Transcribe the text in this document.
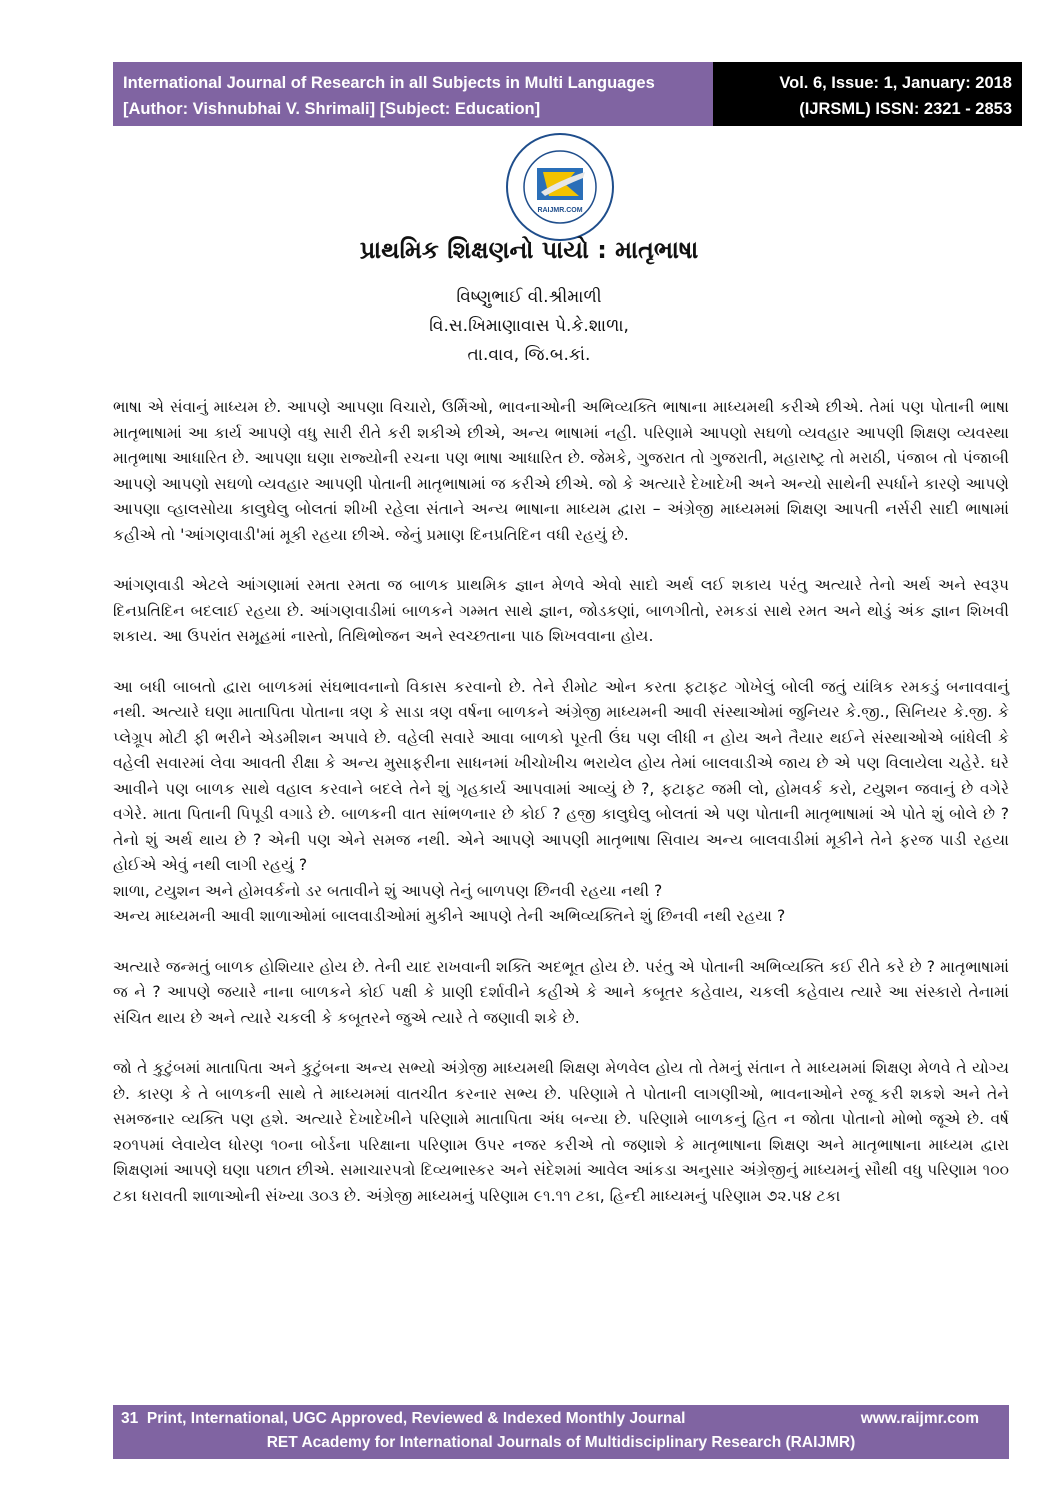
International Journal of Research in all Subjects in Multi Languages
[Author: Vishnubhai V. Shrimali] [Subject: Education]
Vol. 6, Issue: 1, January: 2018
(IJRSML) ISSN: 2321 - 2853
RAIJMR.COM
પ્રાથમિક શિક્ષણનો પાયો : માતૃભાષા
વિષ્ણુભાઈ વી.શ્રીમાળી
વિ.સ.ખિમાણાવાસ પે.કે.શાળા,
તા.વાવ, જિ.બ.કાં.

ભાષા એ સંવાનું માધ્યમ છે. આપણે આપણા વિચારો, ઉર્મિઓ, ભાવનાઓની અભિવ્યક્તિ ભાષાના માધ્યમથી કરીએ છીએ. તેમાં પણ પોતાની ભાષા માતૃભાષામાં આ કાર્ય આપણે વધુ સારી રીતે કરી શકીએ છીએ, અન્ય ભાષામાં નહી. પરિણામે આપણો સઘળો વ્યવહાર આપણી શિક્ષણ વ્યવસ્થા માતૃભાષા આધારિત છે. આપણા ઘણા રાજ્યોની રચના પણ ભાષા આધારિત છે. જેમકે, ગુજરાત તો ગુજરાતી, મહારાષ્ટ્ર તો મરાઠી, પંજાબ તો પંજાબી આપણે આપણો સઘળો વ્યવહાર આપણી પોતાની માતૃભાષામાં જ કરીએ છીએ. જો કે અત્યારે દેખાદેખી અને અન્યો સાથેની સ્પર્ધાને કારણે આપણે આપણા વ્હાલસોયા કાલુઘેલુ બોલતાં શીખી રહેલા સંતાને અન્ય ભાષાના માધ્યમ દ્વારા – અંગ્રેજી માધ્યમમાં શિક્ષણ આપતી નર્સરી સાદી ભાષામાં કહીએ તો 'આંગણવાડી'માં મૂકી રહયા છીએ. જેનું પ્રમાણ દિનપ્રતિદિન વધી રહયું છે.

આંગણવાડી એટલે આંગણામાં રમતા રમતા જ બાળક પ્રાથમિક જ્ઞાન મેળવે એવો સાદો અર્થ લઈ શકાય પરંતુ અત્યારે તેનો અર્થ અને સ્વરૂપ દિનપ્રતિદિન બદલાઈ રહયા છે. આંગણવાડીમાં બાળકને ગમ્મત સાથે જ્ઞાન, જોડકણાં, બાળગીતો, રમકડાં સાથે રમત અને થોડું અંક જ્ઞાન શિખવી શકાય. આ ઉપરાંત સમૂહમાં નાસ્તો, તિથિભોજન અને સ્વચ્છતાના પાઠ શિખવવાના હોય.

આ બધી બાબતો દ્વારા બાળકમાં સંઘભાવનાનો વિકાસ કરવાનો છે. તેને રીમોટ ઓન કરતા ફટાફટ ગોખેલું બોલી જતું યાંત્રિક રમકડું બનાવવાનું નથી. અત્યારે ઘણા માતાપિતા પોતાના ત્રણ કે સાડા ત્રણ વર્ષના બાળકને અંગ્રેજી માધ્યમની આવી સંસ્થાઓમાં જુનિયર કે.જી., સિનિયર કે.જી. કે પ્લેગ્રૂપ મોટી ફી ભરીને એડમીશન અપાવે છે. વહેલી સવારે આવા બાળકો પૂરતી ઉંઘ પણ લીધી ન હોય અને તૈયાર થઈને સંસ્થાઓએ બાંધેલી કે વહેલી સવારમાં લેવા આવતી રીક્ષા કે અન્ય મુસાફરીના સાધનમાં ખીચોખીચ ભરાયેલ હોય તેમાં બાલવાડીએ જાય છે એ પણ વિલાયેલા ચહેરે. ઘરે આવીને પણ બાળક સાથે વહાલ કરવાને બદલે તેને શું ગૃહકાર્ય આપવામાં આવ્યું છે ?, ફટાફટ જમી લો, હોમવર્ક કરો, ટયુશન જવાનું છે વગેરે વગેરે. માતા પિતાની પિપૂડી વગાડે છે. બાળકની વાત સાંભળનાર છે કોઈ ? હજી કાલુઘેલુ બોલતાં એ પણ પોતાની માતૃભાષામાં એ પોતે શું બોલે છે ? તેનો શું અર્થ થાય છે ? એની પણ એને સમજ નથી. એને આપણે આપણી માતૃભાષા સિવાય અન્ય બાલવાડીમાં મૂકીને તેને ફરજ પાડી રહયા હોઈએ એવું નથી લાગી રહયું ?
શાળા, ટયુશન અને હોમવર્કનો ડર બતાવીને શું આપણે તેનું બાળપણ છિનવી રહયા નથી ?
અન્ય માધ્યમની આવી શાળાઓમાં બાલવાડીઓમાં મુકીને આપણે તેની અભિવ્યક્તિને શું છિનવી નથી રહયા ?

અત્યારે જન્મતું બાળક હોશિયાર હોય છે. તેની યાદ રાખવાની શક્તિ અદભૂત હોય છે. પરંતુ એ પોતાની અભિવ્યક્તિ કઈ રીતે કરે છે ? માતૃભાષામાં જ ને ? આપણે જયારે નાના બાળકને કોઈ પક્ષી કે પ્રાણી દર્શાવીને કહીએ કે આને કબૂતર કહેવાય, ચકલી કહેવાય ત્યારે આ સંસ્કારો તેનામાં સંચિત થાય છે અને ત્યારે ચકલી કે કબૂતરને જુએ ત્યારે તે જણાવી શકે છે.

જો તે કુટુંબમાં માતાપિતા અને કુટુંબના અન્ય સભ્યો અંગ્રેજી માધ્યમથી શિક્ષણ મેળવેલ હોય તો તેમનું સંતાન તે માધ્યમમાં શિક્ષણ મેળવે તે યોગ્ય છે. કારણ કે તે બાળકની સાથે તે માધ્યમમાં વાતચીત કરનાર સભ્ય છે. પરિણામે તે પોતાની લાગણીઓ, ભાવનાઓને રજૂ કરી શકશે અને તેને સમજનાર વ્યક્તિ પણ હશે. અત્યારે દેખાદેખીને પરિણામે માતાપિતા અંધ બન્યા છે. પરિણામે બાળકનું હિત ન જોતા પોતાનો મોભો જૂએ છે. વર્ષ ૨૦૧૫માં લેવાયેલ ધોરણ ૧૦ના બોર્ડના પરિક્ષાના પરિણામ ઉપર નજર કરીએ તો જણાશે કે માતૃભાષાના શિક્ષણ અને માતૃભાષાના માધ્યમ દ્વારા શિક્ષણમાં આપણે ઘણા પછાત છીએ. સમાચારપત્રો દિવ્યભાસ્કર અને સંદેશમાં આવેલ આંકડા અનુસાર અંગ્રેજીનું માધ્યમનું સૌથી વધુ પરિણામ ૧૦૦ ટકા ધરાવતી શાળાઓની સંખ્યા ૩૦૩ છે. અંગ્રેજી માધ્યમનું પરિણામ ૯૧.૧૧ ટકા, હિન્દી માધ્યમનું પરિણામ ૭૨.૫૪ ટકા

31 Print, International, UGC Approved, Reviewed & Indexed Monthly Journal	www.raijmr.com
RET Academy for International Journals of Multidisciplinary Research (RAIJMR)
